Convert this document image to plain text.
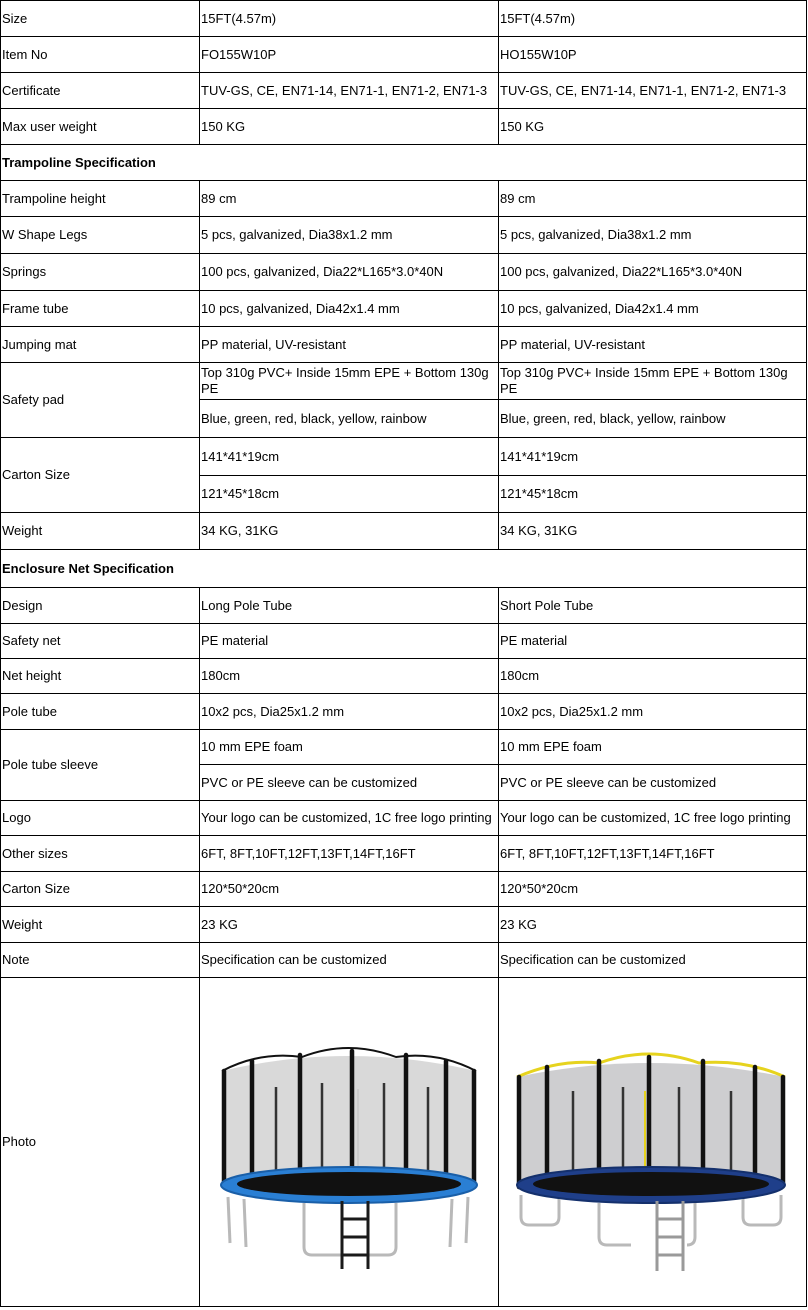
Size	15FT(4.57m)	15FT(4.57m)
Item No	FO155W10P	HO155W10P
Certificate	TUV-GS, CE, EN71-14, EN71-1, EN71-2, EN71-3	TUV-GS, CE, EN71-14, EN71-1, EN71-2, EN71-3
Max user weight	150 KG	150 KG
Trampoline Specification		
Trampoline height	89 cm	89 cm
W Shape Legs	5 pcs, galvanized, Dia38x1.2 mm	5 pcs, galvanized, Dia38x1.2 mm
Springs	100 pcs, galvanized, Dia22*L165*3.0*40N	100 pcs, galvanized, Dia22*L165*3.0*40N
Frame tube	10 pcs, galvanized, Dia42x1.4 mm	10 pcs, galvanized, Dia42x1.4 mm
Jumping mat	PP material, UV-resistant	PP material, UV-resistant
Safety pad	Top 310g PVC+ Inside 15mm EPE + Bottom 130g PE	Top 310g PVC+ Inside 15mm EPE + Bottom 130g PE
	Blue, green, red, black, yellow, rainbow	Blue, green, red, black, yellow, rainbow
Carton Size	141*41*19cm	141*41*19cm
	121*45*18cm	121*45*18cm
Weight	34 KG, 31KG	34 KG, 31KG
Enclosure Net Specification		
Design	Long Pole Tube	Short Pole Tube
Safety net	PE material	PE material
Net height	180cm	180cm
Pole tube	10x2 pcs, Dia25x1.2 mm	10x2 pcs, Dia25x1.2 mm
Pole tube sleeve	10 mm EPE foam	10 mm EPE foam
	PVC or PE sleeve can be customized	PVC or PE sleeve can be customized
Logo	Your logo can be customized, 1C free logo printing	Your logo can be customized, 1C free logo printing
Other sizes	6FT, 8FT,10FT,12FT,13FT,14FT,16FT	6FT, 8FT,10FT,12FT,13FT,14FT,16FT
Carton Size	120*50*20cm	120*50*20cm
Weight	23 KG	23 KG
Note	Specification can be customized	Specification can be customized
Photo	
